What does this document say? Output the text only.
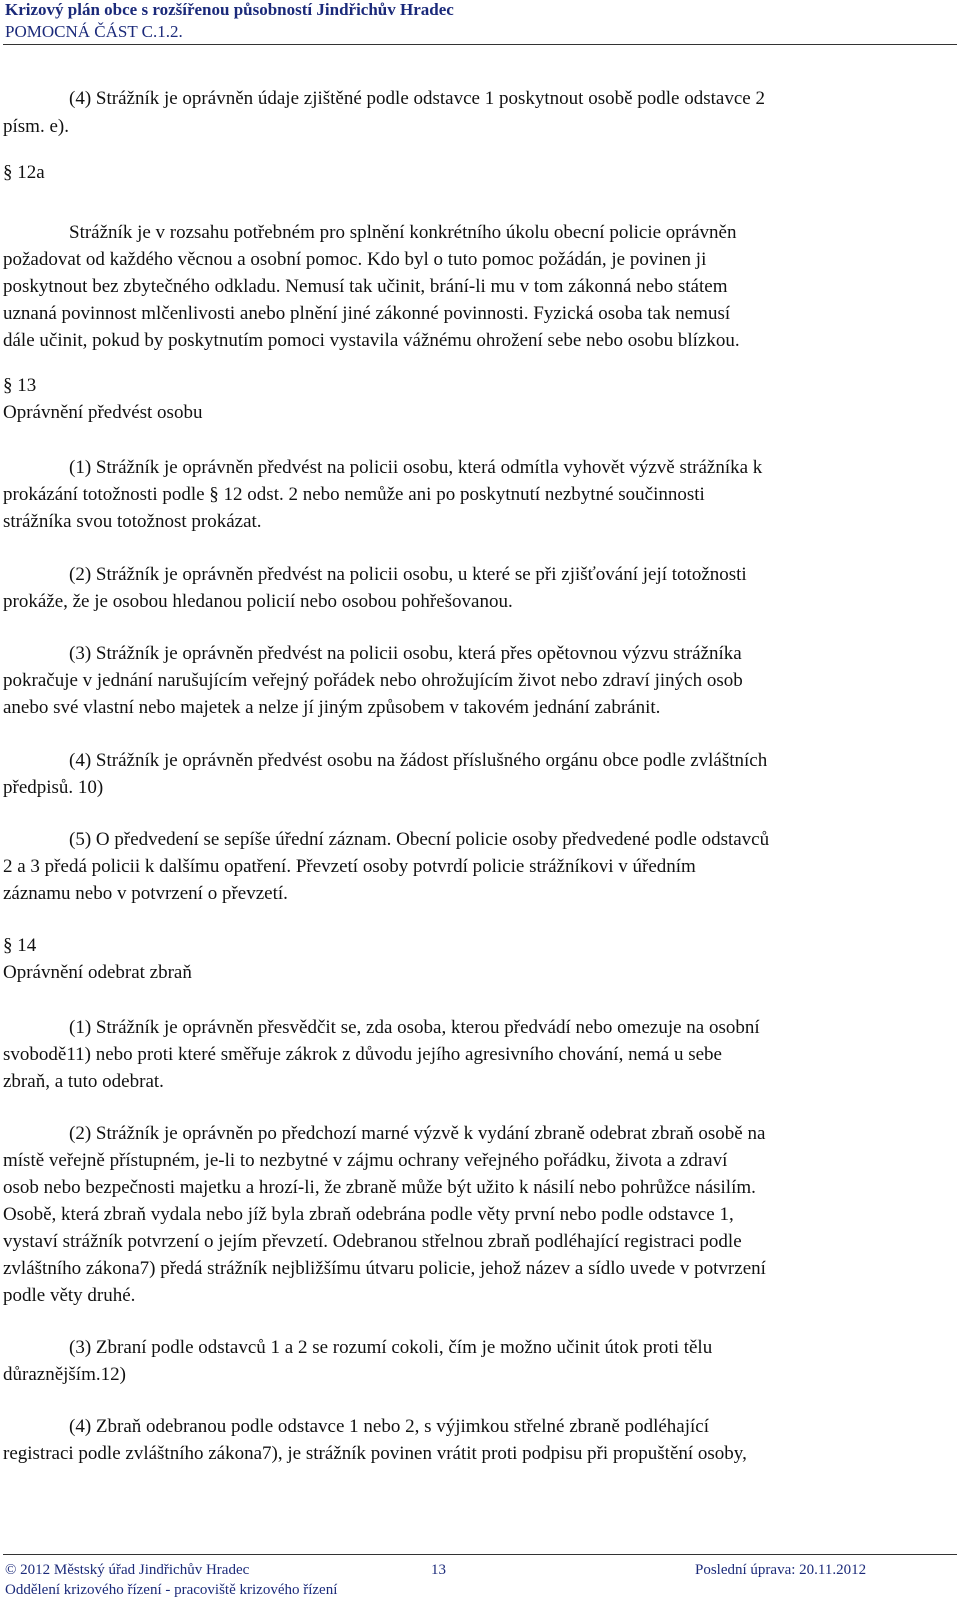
Krizový plán obce s rozšířenou působností Jindřichův Hradec
POMOCNÁ ČÁST C.1.2.
(4) Strážník je oprávněn údaje zjištěné podle odstavce 1 poskytnout osobě podle odstavce 2
písm. e).
§ 12a
Strážník je v rozsahu potřebném pro splnění konkrétního úkolu obecní policie oprávněn
požadovat od každého věcnou a osobní pomoc. Kdo byl o tuto pomoc požádán, je povinen ji
poskytnout bez zbytečného odkladu. Nemusí tak učinit, brání-li mu v tom zákonná nebo státem
uznaná povinnost mlčenlivosti anebo plnění jiné zákonné povinnosti. Fyzická osoba tak nemusí
dále učinit, pokud by poskytnutím pomoci vystavila vážnému ohrožení sebe nebo osobu blízkou.
§ 13
Oprávnění předvést osobu
(1) Strážník je oprávněn předvést na policii osobu, která odmítla vyhovět výzvě strážníka k
prokázání totožnosti podle § 12 odst. 2 nebo nemůže ani po poskytnutí nezbytné součinnosti
strážníka svou totožnost prokázat.
(2) Strážník je oprávněn předvést na policii osobu, u které se při zjišťování její totožnosti
prokáže, že je osobou hledanou policií nebo osobou pohřešovanou.
(3) Strážník je oprávněn předvést na policii osobu, která přes opětovnou výzvu strážníka
pokračuje v jednání narušujícím veřejný pořádek nebo ohrožujícím život nebo zdraví jiných osob
anebo své vlastní nebo majetek a nelze jí jiným způsobem v takovém jednání zabránit.
(4) Strážník je oprávněn předvést osobu na žádost příslušného orgánu obce podle zvláštních
předpisů. 10)
(5) O předvedení se sepíše úřední záznam. Obecní policie osoby předvedené podle odstavců
2 a 3 předá policii k dalšímu opatření. Převzetí osoby potvrdí policie strážníkovi v úředním
záznamu nebo v potvrzení o převzetí.
§ 14
Oprávnění odebrat zbraň
(1) Strážník je oprávněn přesvědčit se, zda osoba, kterou předvádí nebo omezuje na osobní
svobodě11) nebo proti které směřuje zákrok z důvodu jejího agresivního chování, nemá u sebe
zbraň, a tuto odebrat.
(2) Strážník je oprávněn po předchozí marné výzvě k vydání zbraně odebrat zbraň osobě na
místě veřejně přístupném, je-li to nezbytné v zájmu ochrany veřejného pořádku, života a zdraví
osob nebo bezpečnosti majetku a hrozí-li, že zbraně může být užito k násilí nebo pohrůžce násilím.
Osobě, která zbraň vydala nebo jíž byla zbraň odebrána podle věty první nebo podle odstavce 1,
vystaví strážník potvrzení o jejím převzetí. Odebranou střelnou zbraň podléhající registraci podle
zvláštního zákona7) předá strážník nejbližšímu útvaru policie, jehož název a sídlo uvede v potvrzení
podle věty druhé.
(3) Zbraní podle odstavců 1 a 2 se rozumí cokoli, čím je možno učinit útok proti tělu
důraznějším.12)
(4) Zbraň odebranou podle odstavce 1 nebo 2, s výjimkou střelné zbraně podléhající
registraci podle zvláštního zákona7), je strážník povinen vrátit proti podpisu při propuštění osoby,
© 2012 Městský úřad Jindřichův Hradec	13	Poslední úprava: 20.11.2012
Oddělení krizového řízení - pracoviště krizového řízení
